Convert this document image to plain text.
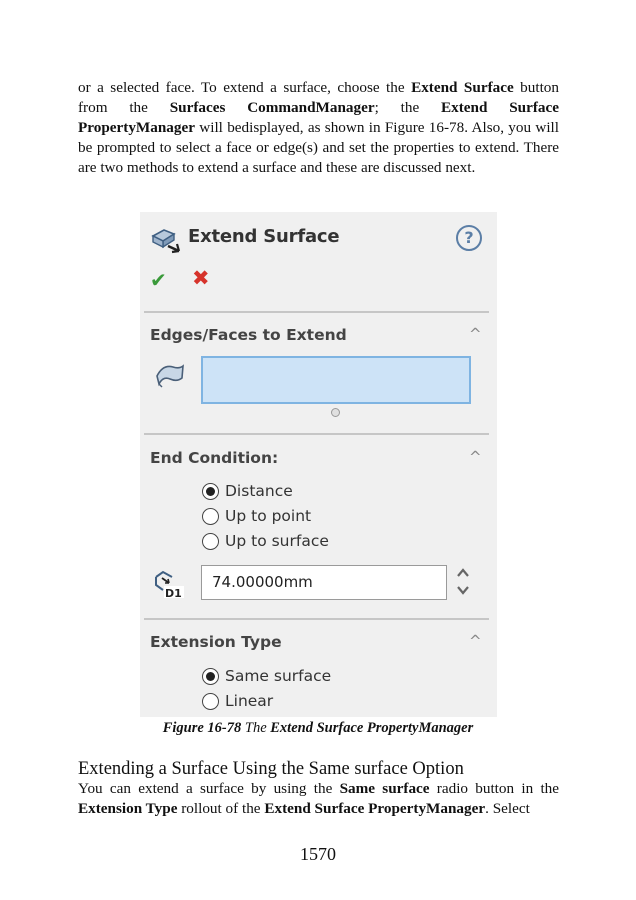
or a selected face. To extend a surface, choose the Extend Surface button from the Surfaces CommandManager; the Extend Surface PropertyManager will bedisplayed, as shown in Figure 16-78. Also, you will be prompted to select a face or edge(s) and set the properties to extend. There are two methods to extend a surface and these are discussed next.

Extend Surface	?
✔ ✖
Edges/Faces to Extend	^
End Condition:	^
Distance
Up to point
Up to surface
D1
74.00000mm
Extension Type	^
Same surface
Linear
Figure 16-78 The Extend Surface PropertyManager
Extending a Surface Using the Same surface Option

You can extend a surface by using the Same surface radio button in the Extension Type rollout of the Extend Surface PropertyManager. Select

1570
